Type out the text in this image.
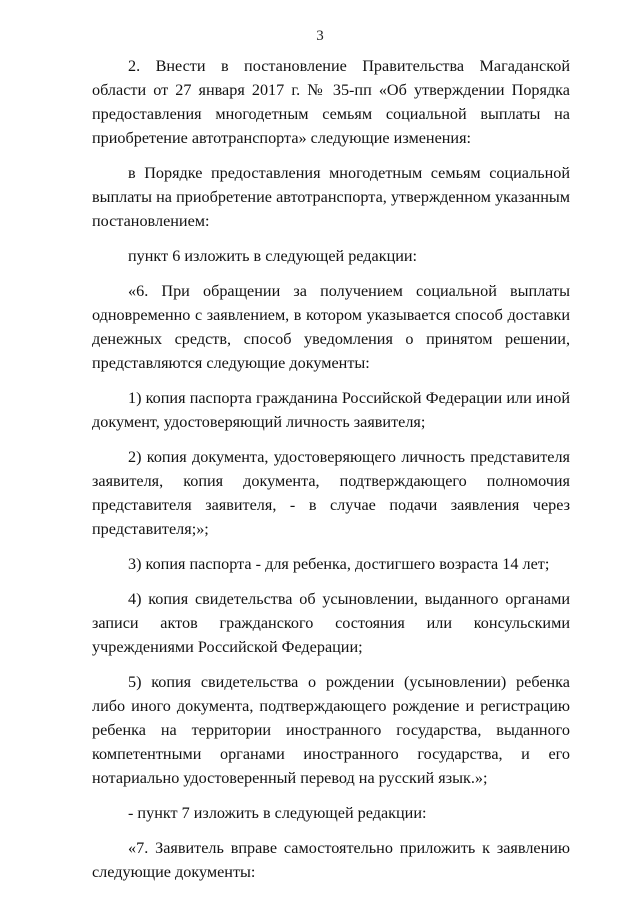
3

2. Внести в постановление Правительства Магаданской области от 27 января 2017 г. № 35-пп «Об утверждении Порядка предоставления многодетным семьям социальной выплаты на приобретение автотранспорта» следующие изменения:

в Порядке предоставления многодетным семьям социальной выплаты на приобретение автотранспорта, утвержденном указанным постановлением:

пункт 6 изложить в следующей редакции:

«6. При обращении за получением социальной выплаты одновременно с заявлением, в котором указывается способ доставки денежных средств, способ уведомления о принятом решении, представляются следующие документы:

1) копия паспорта гражданина Российской Федерации или иной документ, удостоверяющий личность заявителя;

2) копия документа, удостоверяющего личность представителя заявителя, копия документа, подтверждающего полномочия представителя заявителя, - в случае подачи заявления через представителя;»;

3) копия паспорта - для ребенка, достигшего возраста 14 лет;

4) копия свидетельства об усыновлении, выданного органами записи актов гражданского состояния или консульскими учреждениями Российской Федерации;

5) копия свидетельства о рождении (усыновлении) ребенка либо иного документа, подтверждающего рождение и регистрацию ребенка на территории иностранного государства, выданного компетентными органами иностранного государства, и его нотариально удостоверенный перевод на русский язык.»;

- пункт 7 изложить в следующей редакции:

«7. Заявитель вправе самостоятельно приложить к заявлению следующие документы:
